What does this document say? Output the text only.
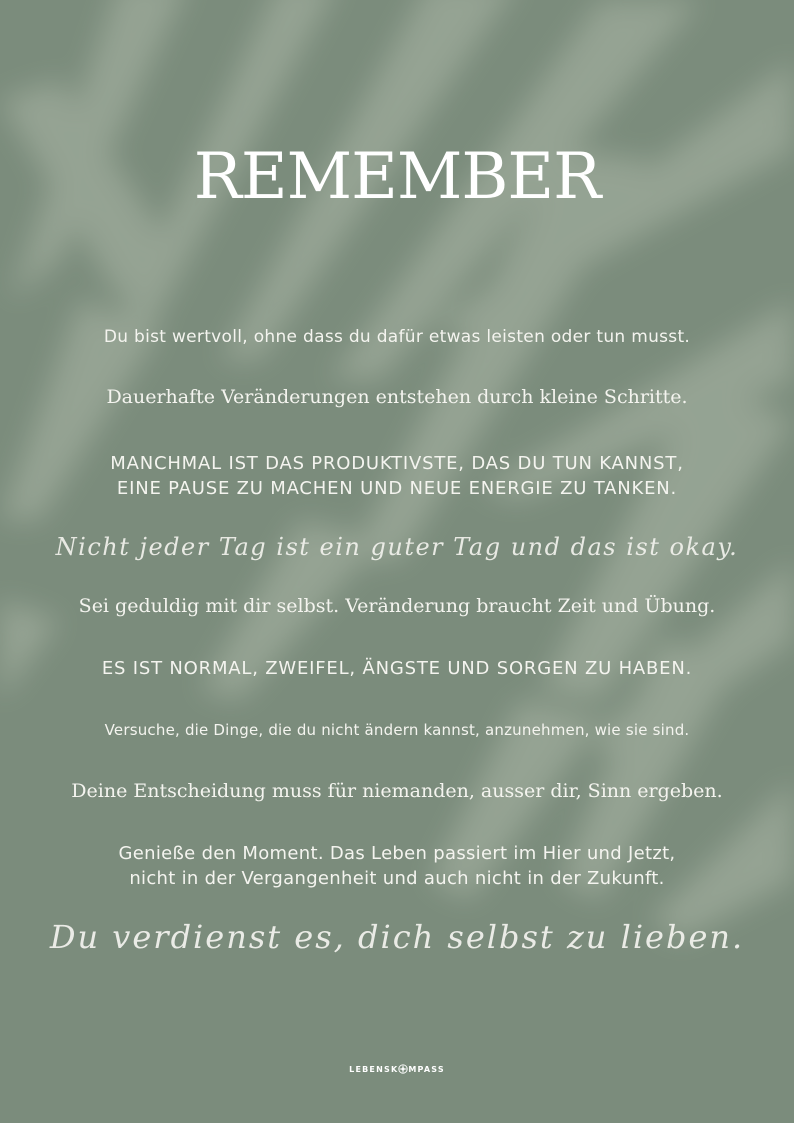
REMEMBER
Du bist wertvoll, ohne dass du dafür etwas leisten oder tun musst.
Dauerhafte Veränderungen entstehen durch kleine Schritte.
MANCHMAL IST DAS PRODUKTIVSTE, DAS DU TUN KANNST,
EINE PAUSE ZU MACHEN UND NEUE ENERGIE ZU TANKEN.
Nicht jeder Tag ist ein guter Tag und das ist okay.
Sei geduldig mit dir selbst. Veränderung braucht Zeit und Übung.
ES IST NORMAL, ZWEIFEL, ÄNGSTE UND SORGEN ZU HABEN.
Versuche, die Dinge, die du nicht ändern kannst, anzunehmen, wie sie sind.
Deine Entscheidung muss für niemanden, ausser dir, Sinn ergeben.
Genieße den Moment. Das Leben passiert im Hier und Jetzt,
nicht in der Vergangenheit und auch nicht in der Zukunft.
Du verdienst es, dich selbst zu lieben.
LEBENSK MPASS
